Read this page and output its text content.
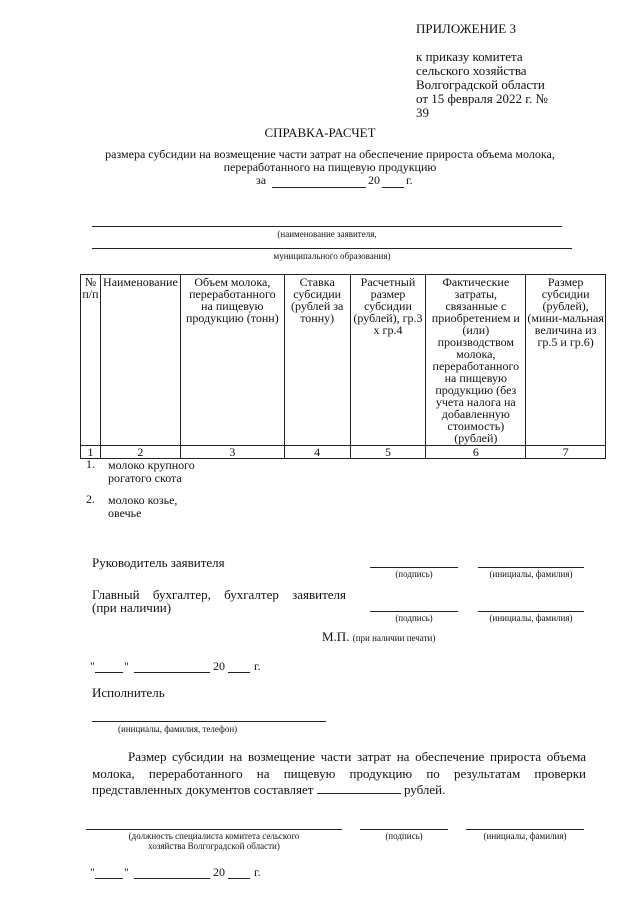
ПРИЛОЖЕНИЕ 3
к приказу комитета
сельского хозяйства
Волгоградской области
от 15 февраля 2022 г. №
39
СПРАВКА-РАСЧЕТ
размера субсидии на возмещение части затрат на обеспечение прироста объема молока,
переработанного на пищевую продукцию
за	20 г.
(наименование заявителя,
муниципального образования)
№ п/п	Наименование	Объем молока, переработанного на пищевую продукцию (тонн)	Ставка субсидии (рублей за тонну)	Расчетный размер субсидии (рублей), гр.3 х гр.4	Фактические затраты, связанные с приобретением и (или) производством молока, переработанного на пищевую продукцию (без учета налога на добавленную стоимость) (рублей)	Размер субсидии (рублей), (мини-мальная величина из гр.5 и гр.6)
1	2	3	4	5	6	7
1. молоко крупного рогатого скота
2. молоко козье, овечье
Руководитель заявителя
(подпись)	(инициалы, фамилия)
Главный бухгалтер, бухгалтер заявителя
(при наличии)
(подпись)	(инициалы, фамилия)
М.П. (при наличии печати)
" "	20 г.
Исполнитель
(инициалы, фамилия, телефон)
Размер субсидии на возмещение части затрат на обеспечение прироста объема
молока, переработанного на пищевую продукцию по результатам проверки
представленных документов составляет	рублей.
(должность специалиста комитета сельского
хозяйства Волгоградской области)
(подпись)	(инициалы, фамилия)
" "	20 г.
